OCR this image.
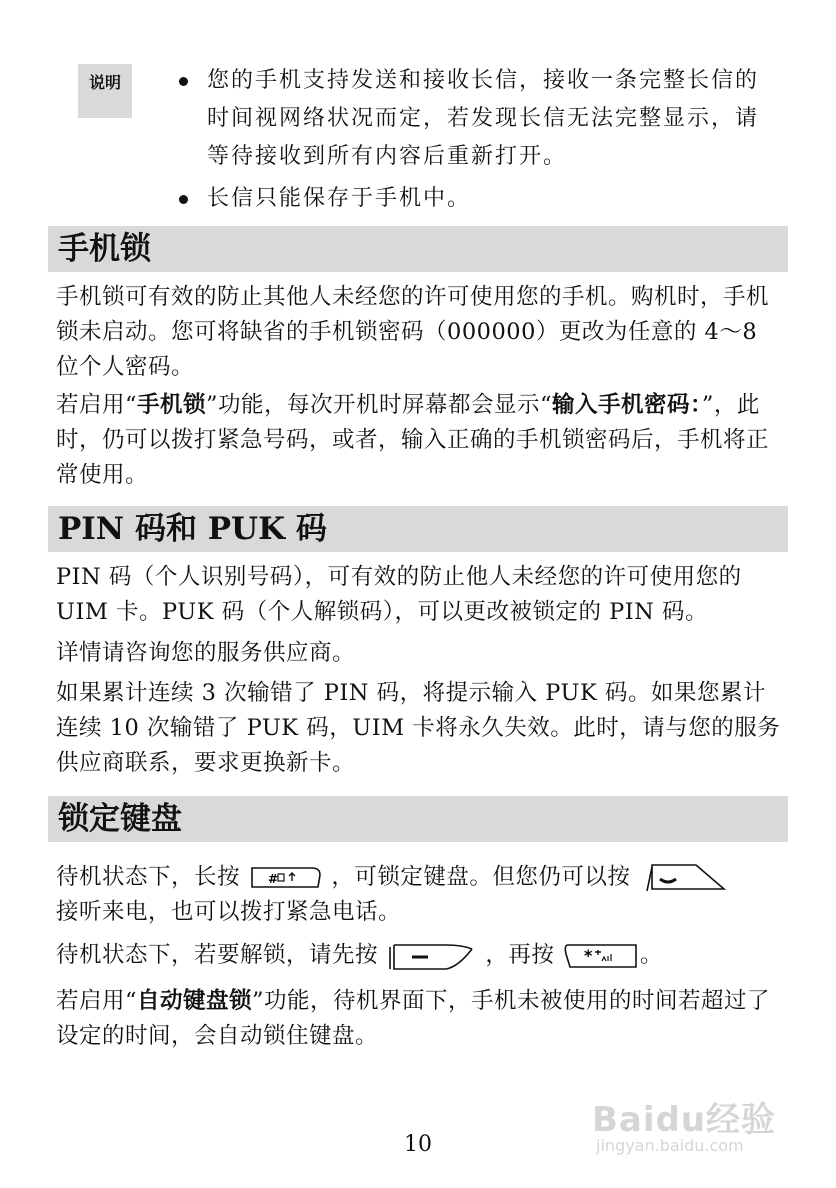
说明	您的手机支持发送和接收长信，接收一条完整长信的时间视网络状况而定，若发现长信无法完整显示，请等待接收到所有内容后重新打开。
长信只能保存于手机中。
手机锁

手机锁可有效的防止其他人未经您的许可使用您的手机。购机时，手机锁未启动。您可将缺省的手机锁密码（000000）更改为任意的 4～8 位个人密码。

若启用“手机锁”功能，每次开机时屏幕都会显示“输入手机密码：”，此时，仍可以拨打紧急号码，或者，输入正确的手机锁密码后，手机将正常使用。

PIN 码和 PUK 码

PIN 码（个人识别号码），可有效的防止他人未经您的许可使用您的 UIM 卡。PUK 码（个人解锁码），可以更改被锁定的 PIN 码。

详情请咨询您的服务供应商。

如果累计连续 3 次输错了 PIN 码，将提示输入 PUK 码。如果您累计连续 10 次输错了 PUK 码，UIM 卡将永久失效。此时，请与您的服务供应商联系，要求更换新卡。

锁定键盘

待机状态下，长按 # ，可锁定键盘。但您仍可以按

接听来电，也可以拨打紧急电话。

待机状态下，若要解锁，请先按	，再按 * 。

若启用“自动键盘锁”功能，待机界面下，手机未被使用的时间若超过了设定的时间，会自动锁住键盘。

Baidu经验
jingyan.baidu.com
10
